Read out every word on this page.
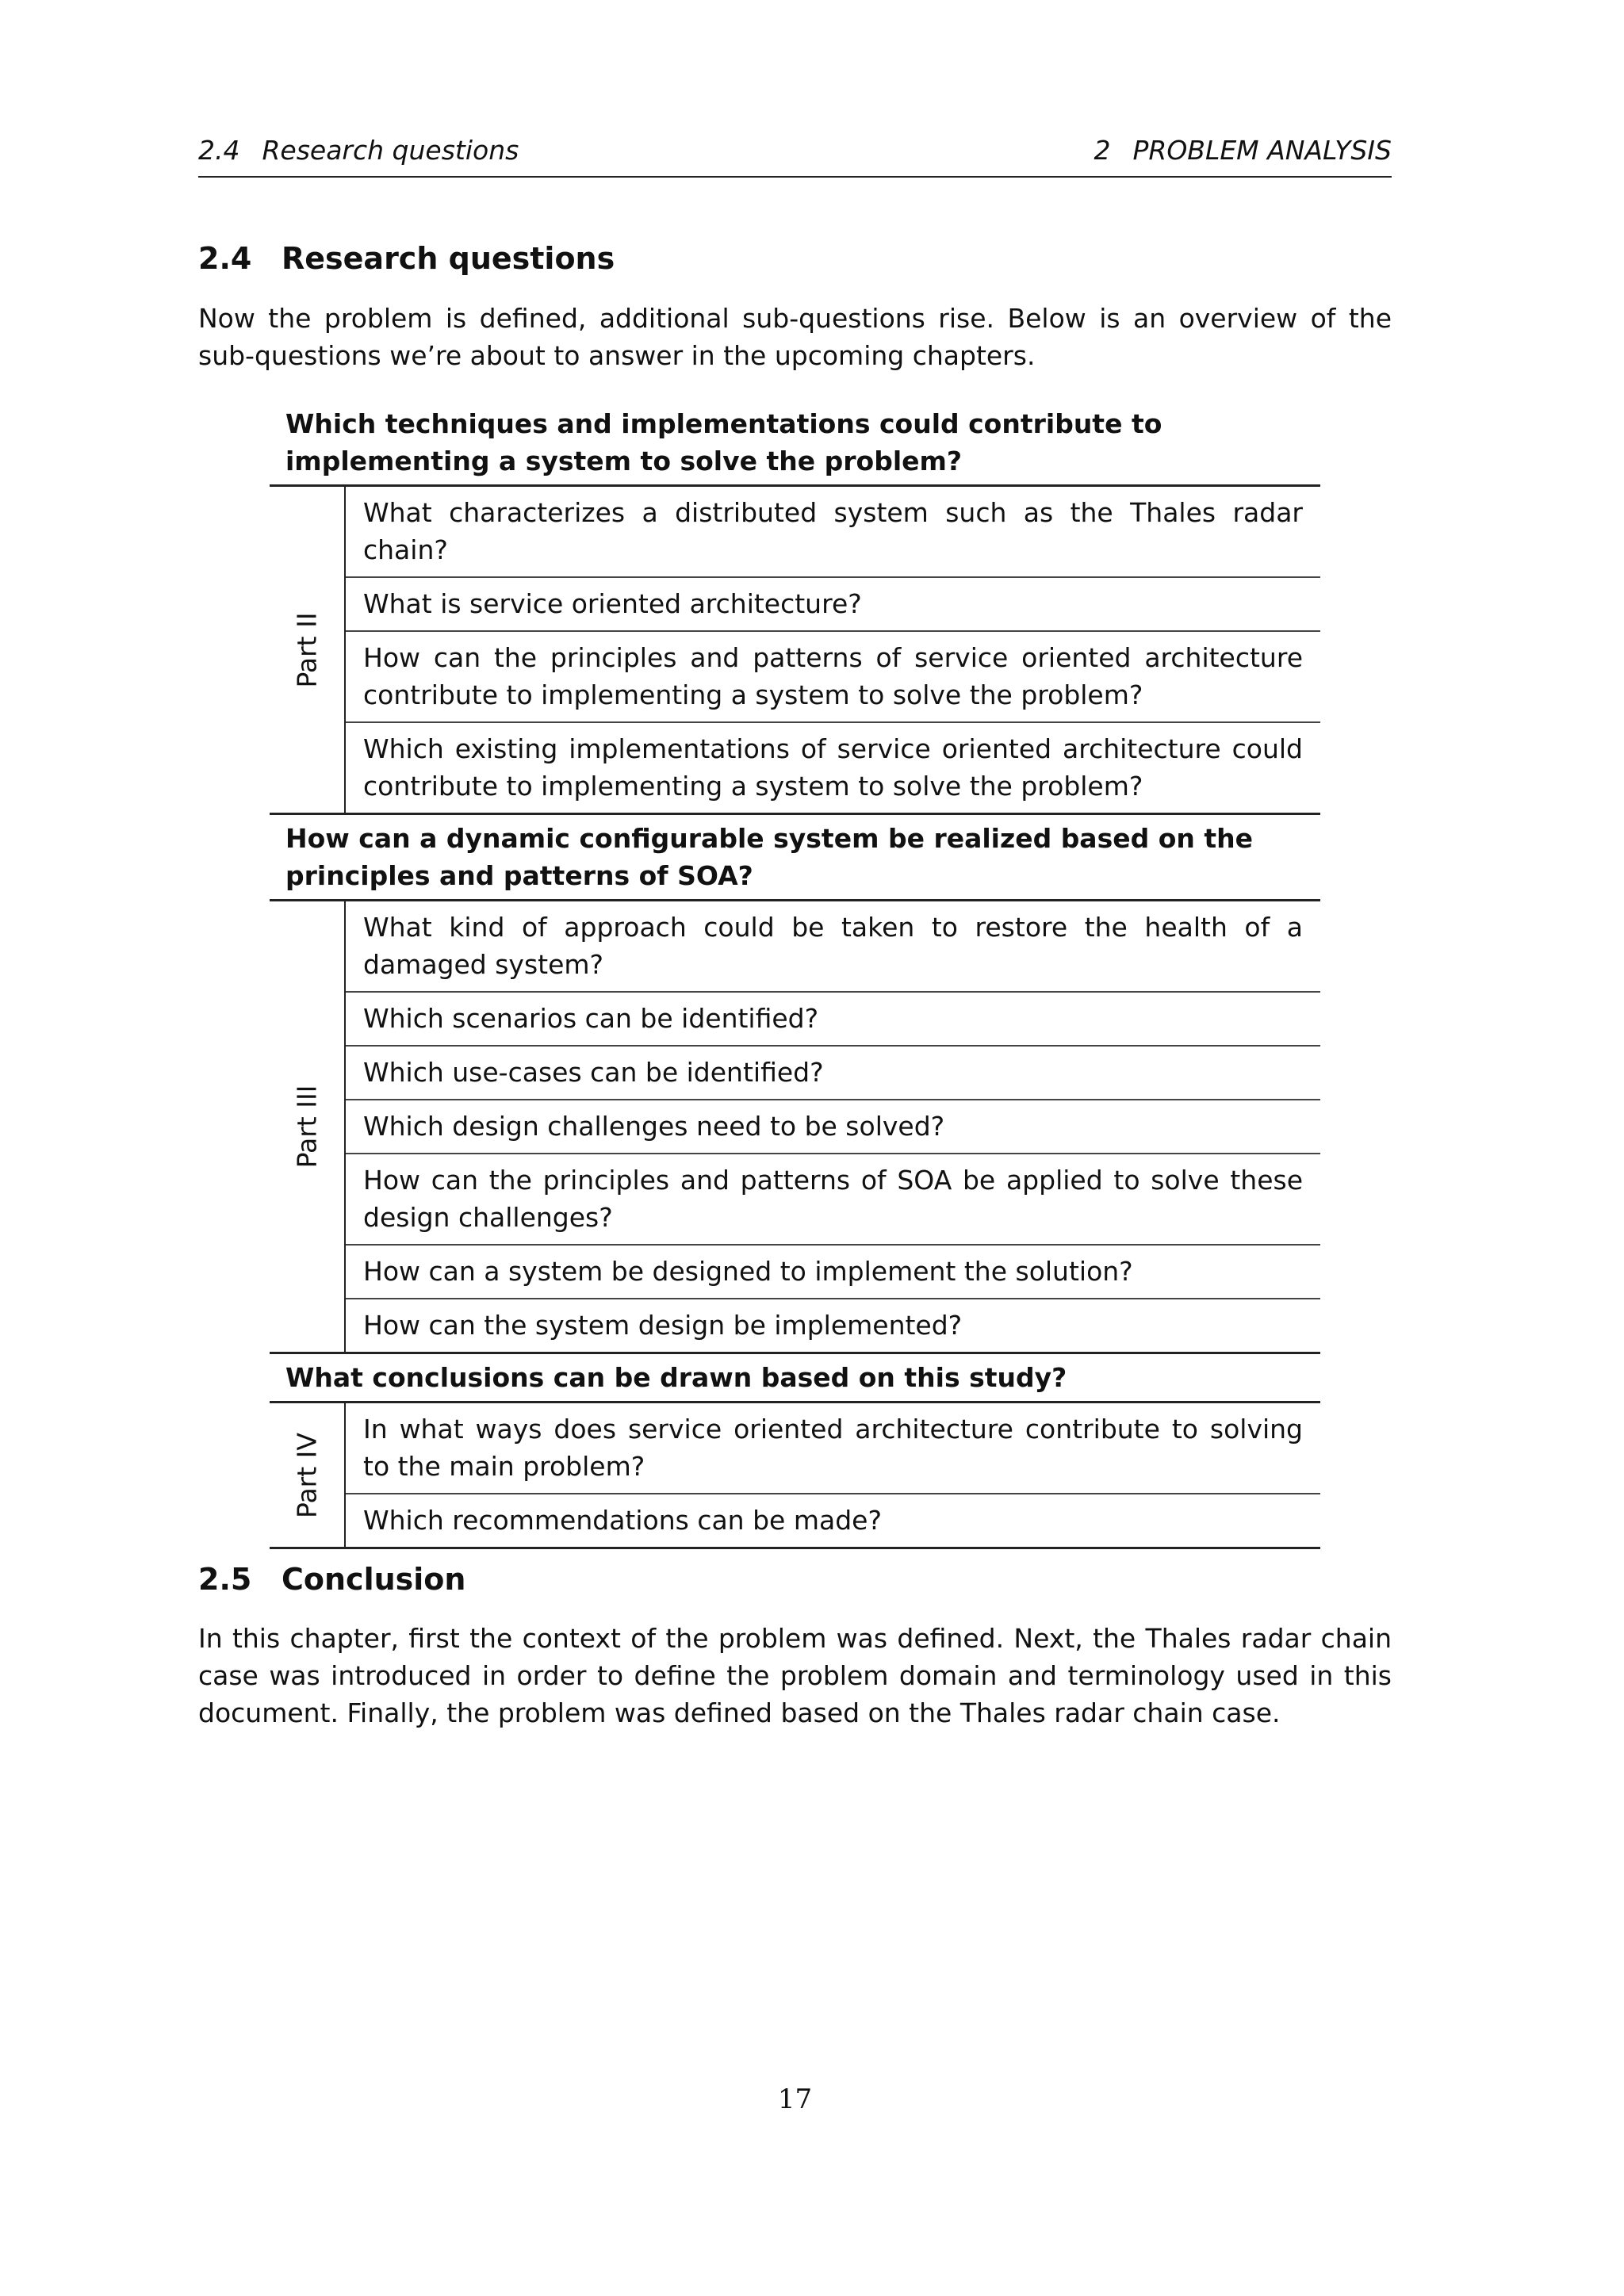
2.4 Research questions	2 PROBLEM ANALYSIS
2.4 Research questions

Now the problem is defined, additional sub-questions rise. Below is an overview of the sub-questions we’re about to answer in the upcoming chapters.

Which techniques and implementations could contribute to implementing a system to solve the problem?
Part II
What characterizes a distributed system such as the Thales radar chain?
What is service oriented architecture?
How can the principles and patterns of service oriented architecture contribute to implementing a system to solve the problem?
Which existing implementations of service oriented architecture could contribute to implementing a system to solve the problem?
How can a dynamic configurable system be realized based on the principles and patterns of SOA?
Part III
What kind of approach could be taken to restore the health of a damaged system?
Which scenarios can be identified?
Which use-cases can be identified?
Which design challenges need to be solved?
How can the principles and patterns of SOA be applied to solve these design challenges?
How can a system be designed to implement the solution?
How can the system design be implemented?
What conclusions can be drawn based on this study?
Part IV
In what ways does service oriented architecture contribute to solving to the main problem?
Which recommendations can be made?
2.5 Conclusion

In this chapter, first the context of the problem was defined. Next, the Thales radar chain case was introduced in order to define the problem domain and terminology used in this document. Finally, the problem was defined based on the Thales radar chain case.

17
